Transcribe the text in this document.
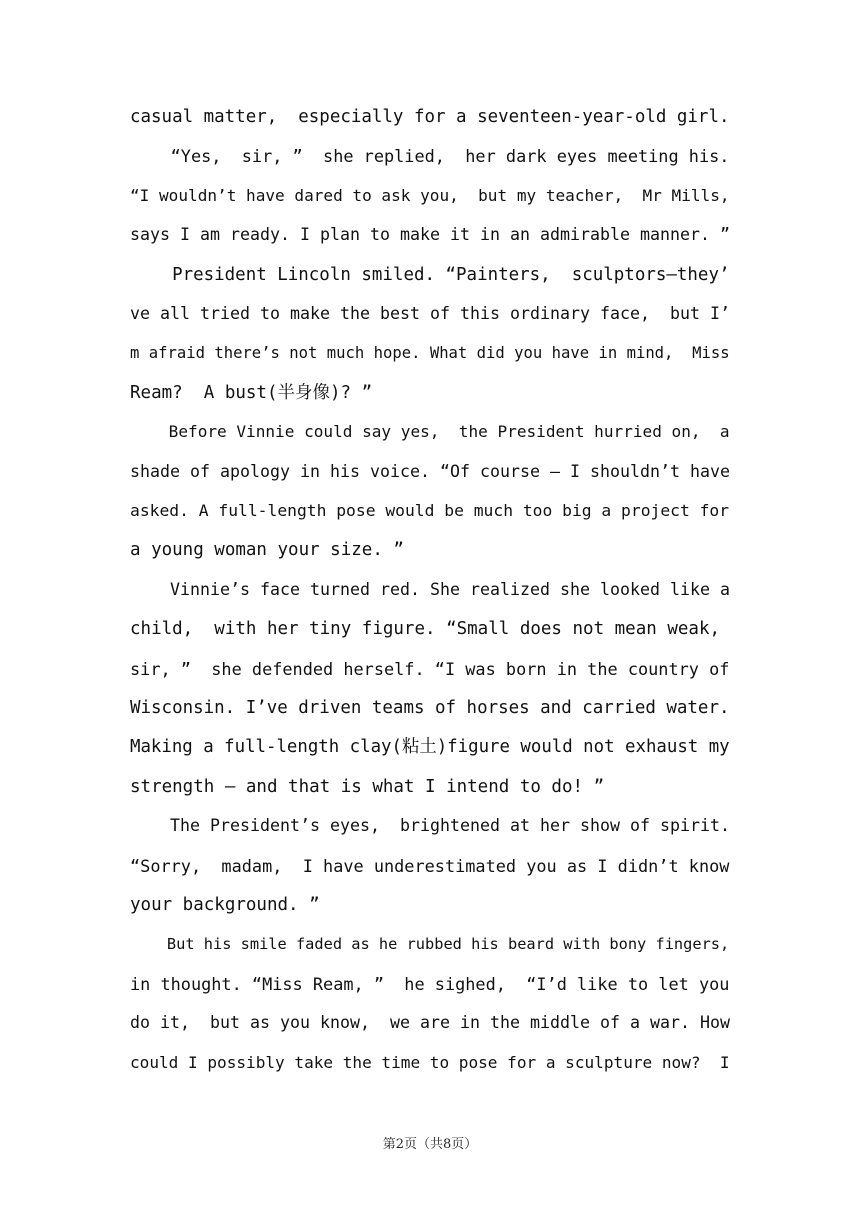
casual matter,  especially for a seventeen-year-old girl.
“Yes,  sir, ”  she replied,  her dark eyes meeting his.
“I wouldn’t have dared to ask you,  but my teacher,  Mr Mills,
says I am ready. I plan to make it in an admirable manner. ”
President Lincoln smiled. “Painters,  sculptors—they’
ve all tried to make the best of this ordinary face,  but I’
m afraid there’s not much hope. What did you have in mind,  Miss
Ream?  A bust(半身像)? ”
Before Vinnie could say yes,  the President hurried on,  a
shade of apology in his voice. “Of course — I shouldn’t have
asked. A full-length pose would be much too big a project for
a young woman your size. ”
Vinnie’s face turned red. She realized she looked like a
child,  with her tiny figure. “Small does not mean weak,
sir, ”  she defended herself. “I was born in the country of
Wisconsin. I’ve driven teams of horses and carried water.
Making a full-length clay(粘土)figure would not exhaust my
strength — and that is what I intend to do! ”
The President’s eyes,  brightened at her show of spirit.
“Sorry,  madam,  I have underestimated you as I didn’t know
your background. ”
But his smile faded as he rubbed his beard with bony fingers,
in thought. “Miss Ream, ”  he sighed,  “I’d like to let you
do it,  but as you know,  we are in the middle of a war. How
could I possibly take the time to pose for a sculpture now?  I
第2页（共8页）
